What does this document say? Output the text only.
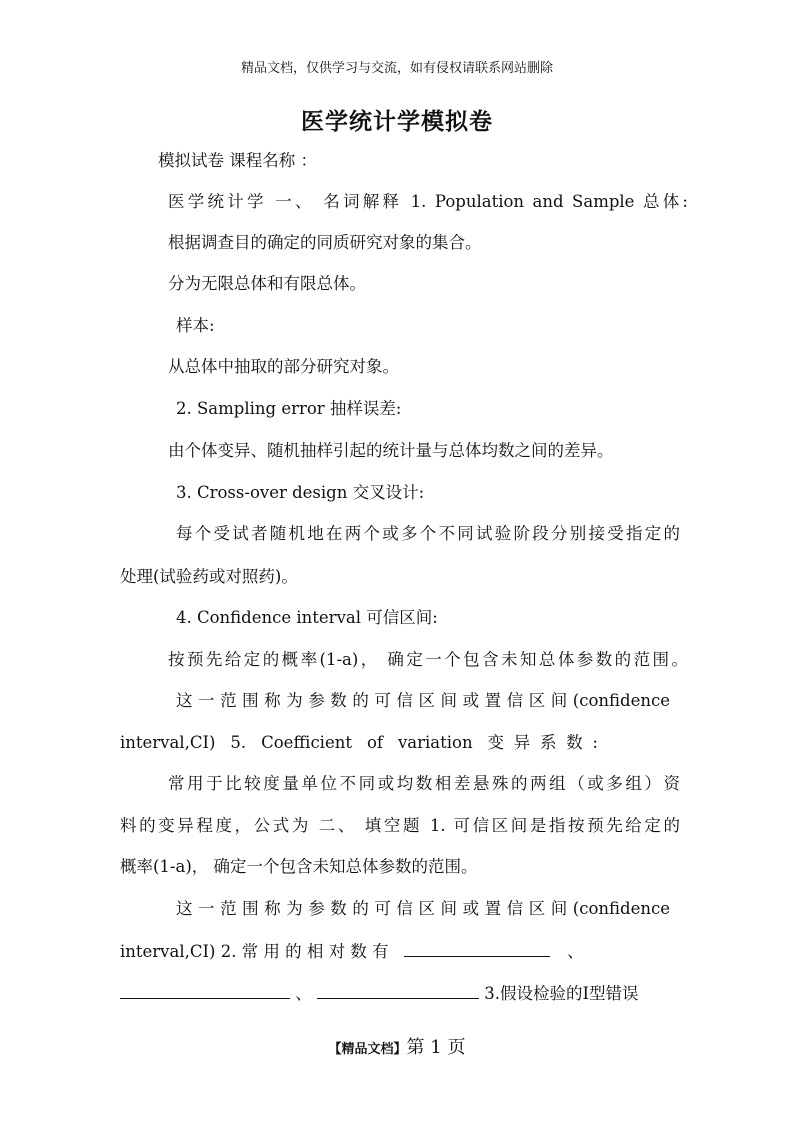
精品文档，仅供学习与交流，如有侵权请联系网站删除
医学统计学模拟卷
模拟试卷 课程名称 ：
医学统计学 一、 名词解释 1. Population and Sample 总体:
根据调查目的确定的同质研究对象的集合。
分为无限总体和有限总体。
样本:
从总体中抽取的部分研究对象。
2. Sampling error 抽样误差:
由个体变异、随机抽样引起的统计量与总体均数之间的差异。
3. Cross-over design 交叉设计:
每个受试者随机地在两个或多个不同试验阶段分别接受指定的
处理(试验药或对照药)。
4. Confidence interval 可信区间:
按预先给定的概率(1-a)， 确定一个包含未知总体参数的范围。
这一范围称为参数的可信区间或置信区间(confidence
interval,CI) 5. Coefficient of variation 变异系数:
常用于比较度量单位不同或均数相差悬殊的两组（或多组）资
料的变异程度，公式为 二、 填空题 1. 可信区间是指按预先给定的
概率(1-a)， 确定一个包含未知总体参数的范围。
这一范围称为参数的可信区间或置信区间(confidence
interval,CI) 2. 常 用 的 相 对 数 有	、
、	3.假设检验的Ⅰ型错误
【精品文档】第 1 页
